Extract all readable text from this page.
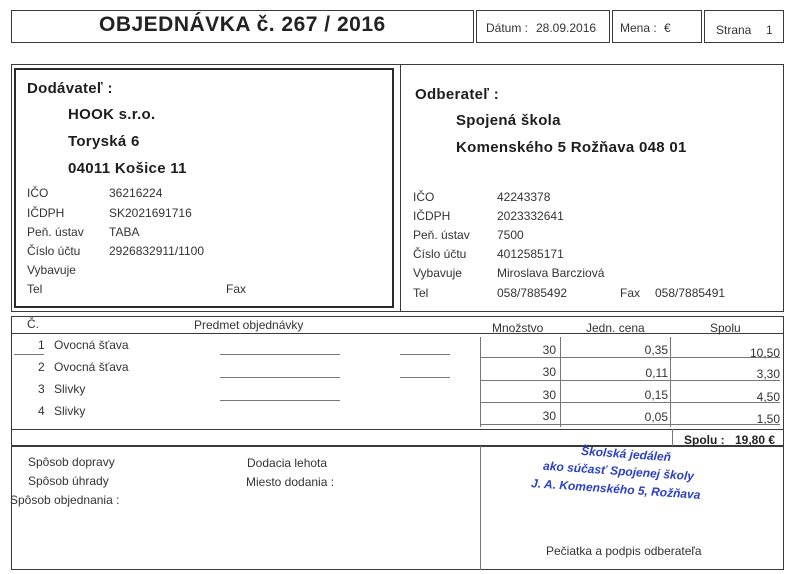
OBJEDNÁVKA č. 267 / 2016	Dátum : 28.09.2016 Mena : €	Strana 1
Dodávateľ :
HOOK s.r.o.
Toryská 6
04011 Košice 11
IČO	36216224
IČDPH	SK2021691716
Peň. ústav TABA
Číslo účtu 2926832911/1100
Vybavuje
Tel	Fax
Odberateľ :
Spojená škola
Komenského 5 Rožňava 048 01
IČO	42243378
IČDPH	2023332641
Peň. ústav 7500
Číslo účtu	4012585171
Vybavuje	Miroslava Barcziová
Tel	058/7885492	Fax 058/7885491
Č.	Predmet objednávky	Množstvo	Jedn. cena	Spolu
1 Ovocná šťava	30	0,35	10,50
2 Ovocná šťava	30	0,11	3,30
3 Slivky	30	0,15	4,50
4 Slivky	30	0,05	1,50
Spolu : 19,80 €
Spôsob dopravy
Spôsob úhrady
Spôsob objednania :
Dodacia lehota
Miesto dodania :
Školská jedáleň
ako súčasť Spojenej školy
J. A. Komenského 5, Rožňava
Pečiatka a podpis odberateľa
